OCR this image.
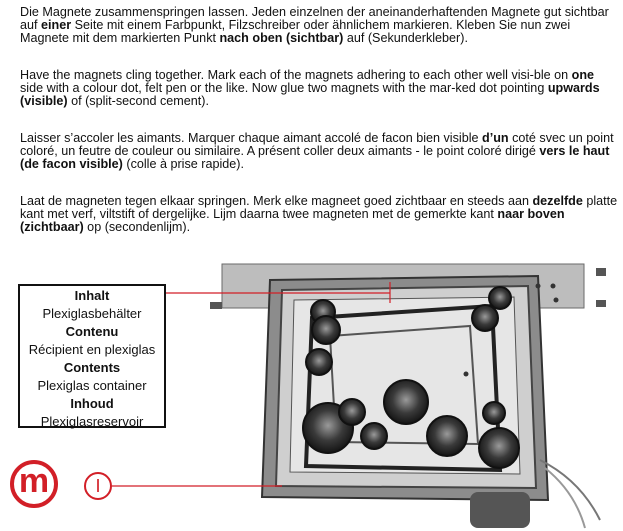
Die Magnete zusammenspringen lassen. Jeden einzelnen der aneinanderhaftenden Magnete gut sichtbar auf einer Seite mit einem Farbpunkt, Filzschreiber oder ähnlichem markieren. Kleben Sie nun zwei Magnete mit dem markierten Punkt nach oben (sichtbar) auf (Sekunderkleber).

Have the magnets cling together. Mark each of the magnets adhering to each other well visi-ble on one side with a colour dot, felt pen or the like. Now glue two magnets with the mar-ked dot pointing upwards (visible) of (split-second cement).

Laisser s’accoler les aimants. Marquer chaque aimant accolé de facon bien visible d’un coté svec un point coloré, un feutre de couleur ou similaire. A présent coller deux aimants - le point coloré dirigé vers le haut (de facon visible) (colle à prise rapide).

Laat de magneten tegen elkaar springen. Merk elke magneet goed zichtbaar en steeds aan dezelfde platte kant met verf, viltstift of dergelijke. Lijm daarna twee magneten met de gemerkte kant naar boven (zichtbaar) op (secondenlijm).

Inhalt
Plexiglasbehälter
Contenu
Récipient en plexiglas
Contents
Plexiglas container
Inhoud
Plexiglasreservoir
m	I
